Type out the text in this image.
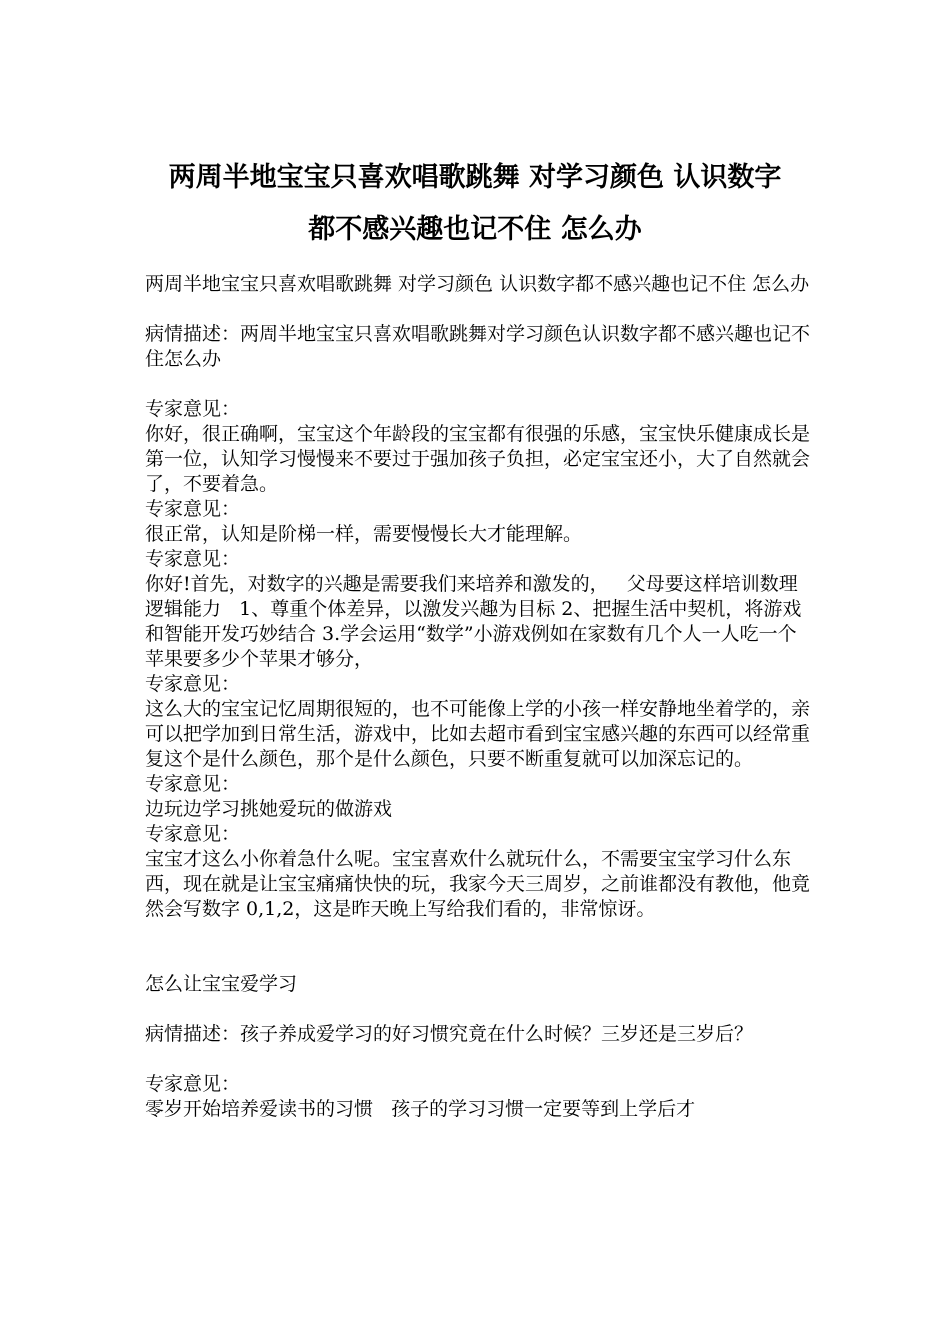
两周半地宝宝只喜欢唱歌跳舞 对学习颜色 认识数字
都不感兴趣也记不住 怎么办

两周半地宝宝只喜欢唱歌跳舞 对学习颜色 认识数字都不感兴趣也记不住 怎么办

病情描述：两周半地宝宝只喜欢唱歌跳舞对学习颜色认识数字都不感兴趣也记不住怎么办

专家意见：

你好，很正确啊，宝宝这个年龄段的宝宝都有很强的乐感，宝宝快乐健康成长是第一位，认知学习慢慢来不要过于强加孩子负担，必定宝宝还小，大了自然就会了，不要着急。

专家意见：

很正常，认知是阶梯一样，需要慢慢长大才能理解。

专家意见：

你好!首先，对数字的兴趣是需要我们来培养和激发的，   父母要这样培训数理逻辑能力   1、尊重个体差异，以激发兴趣为目标 2、把握生活中契机，将游戏和智能开发巧妙结合 3.学会运用“数学”小游戏例如在家数有几个人一人吃一个苹果要多少个苹果才够分，

专家意见：

这么大的宝宝记忆周期很短的，也不可能像上学的小孩一样安静地坐着学的，亲可以把学加到日常生活，游戏中，比如去超市看到宝宝感兴趣的东西可以经常重复这个是什么颜色，那个是什么颜色，只要不断重复就可以加深忘记的。

专家意见：

边玩边学习挑她爱玩的做游戏

专家意见：

宝宝才这么小你着急什么呢。宝宝喜欢什么就玩什么，不需要宝宝学习什么东西，现在就是让宝宝痛痛快快的玩，我家今天三周岁，之前谁都没有教他，他竟然会写数字 0,1,2，这是昨天晚上写给我们看的，非常惊讶。

怎么让宝宝爱学习

病情描述：孩子养成爱学习的好习惯究竟在什么时候？三岁还是三岁后？

专家意见：

零岁开始培养爱读书的习惯   孩子的学习习惯一定要等到上学后才
